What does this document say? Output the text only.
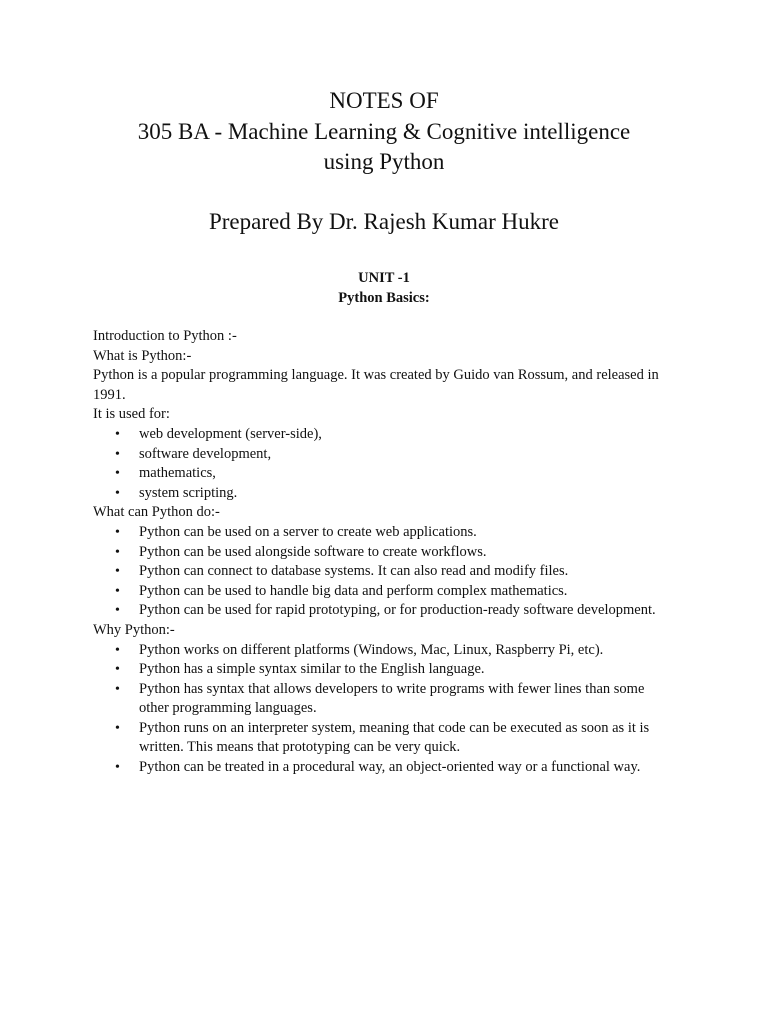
NOTES OF
305 BA - Machine Learning & Cognitive intelligence
using Python
Prepared By Dr. Rajesh Kumar Hukre
UNIT -1
Python Basics:
Introduction to Python :-
What is Python:-
Python is a popular programming language. It was created by Guido van Rossum, and released in 1991.
It is used for:
• web development (server-side),
• software development,
• mathematics,
• system scripting.
What can Python do:-
• Python can be used on a server to create web applications.
• Python can be used alongside software to create workflows.
• Python can connect to database systems. It can also read and modify files.
• Python can be used to handle big data and perform complex mathematics.
• Python can be used for rapid prototyping, or for production-ready software development.
Why Python:-
• Python works on different platforms (Windows, Mac, Linux, Raspberry Pi, etc).
• Python has a simple syntax similar to the English language.
• Python has syntax that allows developers to write programs with fewer lines than some other programming languages.
• Python runs on an interpreter system, meaning that code can be executed as soon as it is written. This means that prototyping can be very quick.
• Python can be treated in a procedural way, an object-oriented way or a functional way.
